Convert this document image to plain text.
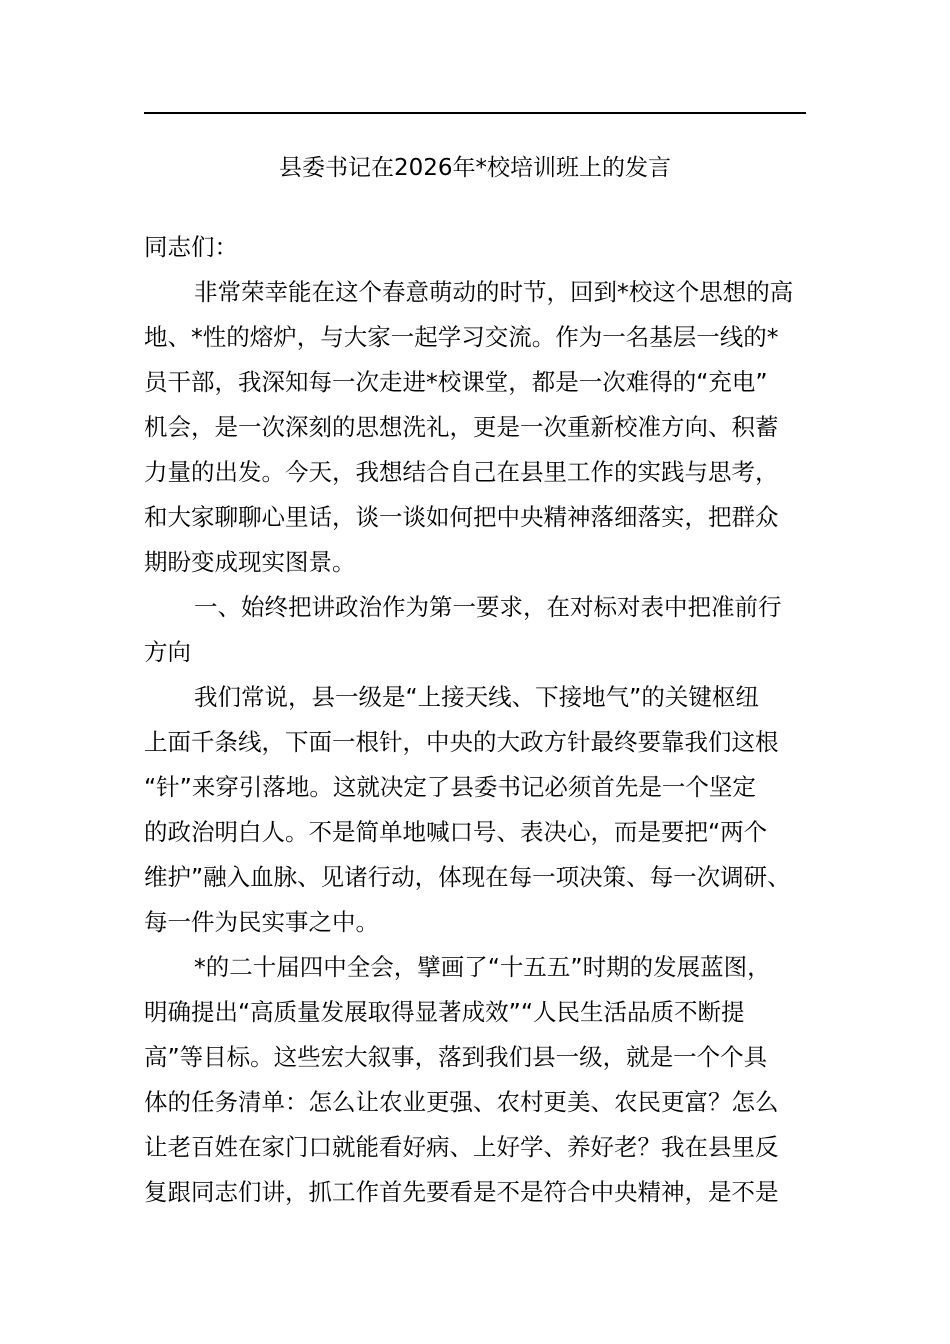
县委书记在2026年*校培训班上的发言

同志们：

非常荣幸能在这个春意萌动的时节，回到*校这个思想的高

地、*性的熔炉，与大家一起学习交流。作为一名基层一线的*

员干部，我深知每一次走进*校课堂，都是一次难得的“充电”

机会，是一次深刻的思想洗礼，更是一次重新校准方向、积蓄

力量的出发。今天，我想结合自己在县里工作的实践与思考，

和大家聊聊心里话，谈一谈如何把中央精神落细落实，把群众

期盼变成现实图景。

一、始终把讲政治作为第一要求，在对标对表中把准前行

方向

我们常说，县一级是“上接天线、下接地气”的关键枢纽

上面千条线，下面一根针，中央的大政方针最终要靠我们这根

“针”来穿引落地。这就决定了县委书记必须首先是一个坚定

的政治明白人。不是简单地喊口号、表决心，而是要把“两个

维护”融入血脉、见诸行动，体现在每一项决策、每一次调研、

每一件为民实事之中。

*的二十届四中全会，擘画了“十五五”时期的发展蓝图，

明确提出“高质量发展取得显著成效”“人民生活品质不断提

高”等目标。这些宏大叙事，落到我们县一级，就是一个个具

体的任务清单：怎么让农业更强、农村更美、农民更富？怎么

让老百姓在家门口就能看好病、上好学、养好老？我在县里反

复跟同志们讲，抓工作首先要看是不是符合中央精神，是不是
